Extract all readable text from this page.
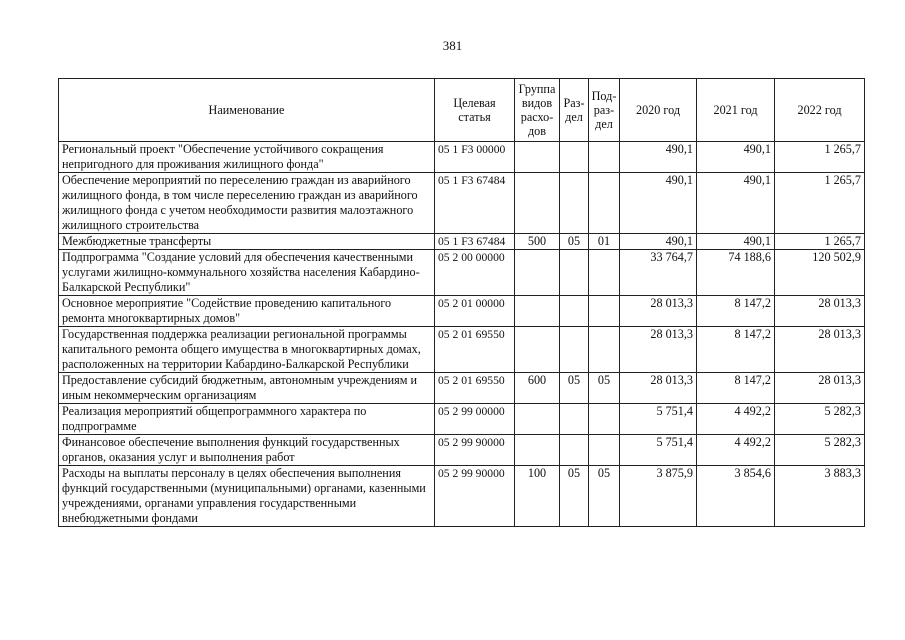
381
Наименование	Целевая статья	Группа видов расхо-дов	Раз-дел	Под-раз-дел	2020 год	2021 год	2022 год
Региональный проект "Обеспечение устойчивого сокращения непригодного для проживания жилищного фонда"	05 1 F3 00000				490,1	490,1	1 265,7
Обеспечение мероприятий по переселению граждан из аварийного жилищного фонда, в том числе переселению граждан из аварийного жилищного фонда с учетом необходимости развития малоэтажного жилищного строительства	05 1 F3 67484				490,1	490,1	1 265,7
Межбюджетные трансферты	05 1 F3 67484	500	05	01	490,1	490,1	1 265,7
Подпрограмма "Создание условий для обеспечения качественными услугами жилищно-коммунального хозяйства населения Кабардино-Балкарской Республики"	05 2 00 00000				33 764,7	74 188,6	120 502,9
Основное мероприятие "Содействие проведению капитального ремонта многоквартирных домов"	05 2 01 00000				28 013,3	8 147,2	28 013,3
Государственная поддержка реализации региональной программы капитального ремонта общего имущества в многоквартирных домах, расположенных на территории Кабардино-Балкарской Республики	05 2 01 69550				28 013,3	8 147,2	28 013,3
Предоставление субсидий бюджетным, автономным учреждениям и иным некоммерческим организациям	05 2 01 69550	600	05	05	28 013,3	8 147,2	28 013,3
Реализация мероприятий общепрограммного характера по подпрограмме	05 2 99 00000				5 751,4	4 492,2	5 282,3
Финансовое обеспечение выполнения функций государственных органов, оказания услуг и выполнения работ	05 2 99 90000				5 751,4	4 492,2	5 282,3
Расходы на выплаты персоналу в целях обеспечения выполнения функций государственными (муниципальными) органами, казенными учреждениями, органами управления государственными внебюджетными фондами	05 2 99 90000	100	05	05	3 875,9	3 854,6	3 883,3
